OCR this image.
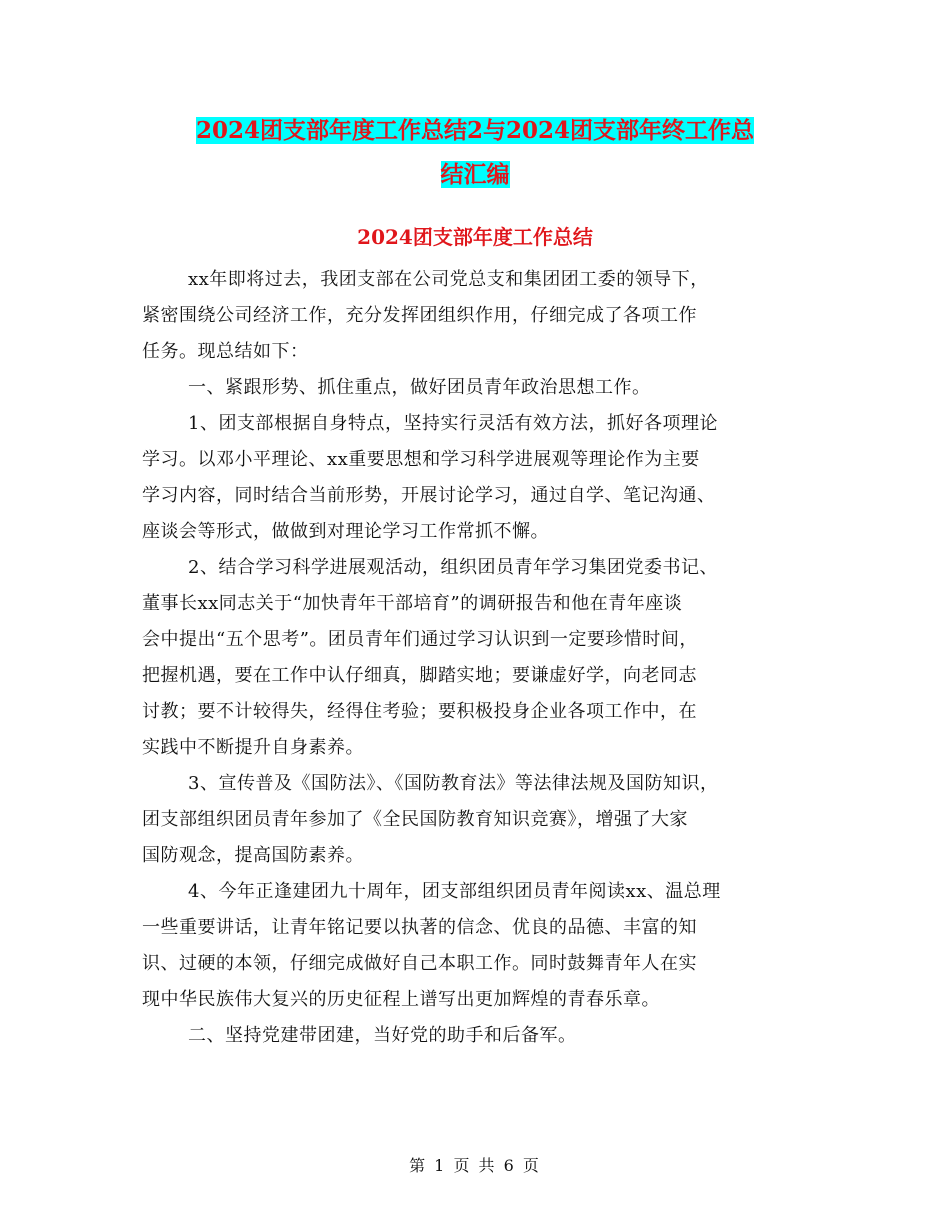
2024团支部年度工作总结2与2024团支部年终工作总
结汇编
2024团支部年度工作总结
xx年即将过去，我团支部在公司党总支和集团团工委的领导下，
紧密围绕公司经济工作，充分发挥团组织作用，仔细完成了各项工作
任务。现总结如下：
一、紧跟形势、抓住重点，做好团员青年政治思想工作。
1、团支部根据自身特点，坚持实行灵活有效方法，抓好各项理论
学习。以邓小平理论、xx重要思想和学习科学进展观等理论作为主要
学习内容，同时结合当前形势，开展讨论学习，通过自学、笔记沟通、
座谈会等形式，做做到对理论学习工作常抓不懈。
2、结合学习科学进展观活动，组织团员青年学习集团党委书记、
董事长xx同志关于“加快青年干部培育”的调研报告和他在青年座谈
会中提出“五个思考”。团员青年们通过学习认识到一定要珍惜时间，
把握机遇，要在工作中认仔细真，脚踏实地；要谦虚好学，向老同志
讨教；要不计较得失，经得住考验；要积极投身企业各项工作中，在
实践中不断提升自身素养。
3、宣传普及《国防法》、《国防教育法》等法律法规及国防知识，
团支部组织团员青年参加了《全民国防教育知识竞赛》，增强了大家
国防观念，提高国防素养。
4、今年正逢建团九十周年，团支部组织团员青年阅读xx、温总理
一些重要讲话，让青年铭记要以执著的信念、优良的品德、丰富的知
识、过硬的本领，仔细完成做好自己本职工作。同时鼓舞青年人在实
现中华民族伟大复兴的历史征程上谱写出更加辉煌的青春乐章。
二、坚持党建带团建，当好党的助手和后备军。
第 1 页 共 6 页
